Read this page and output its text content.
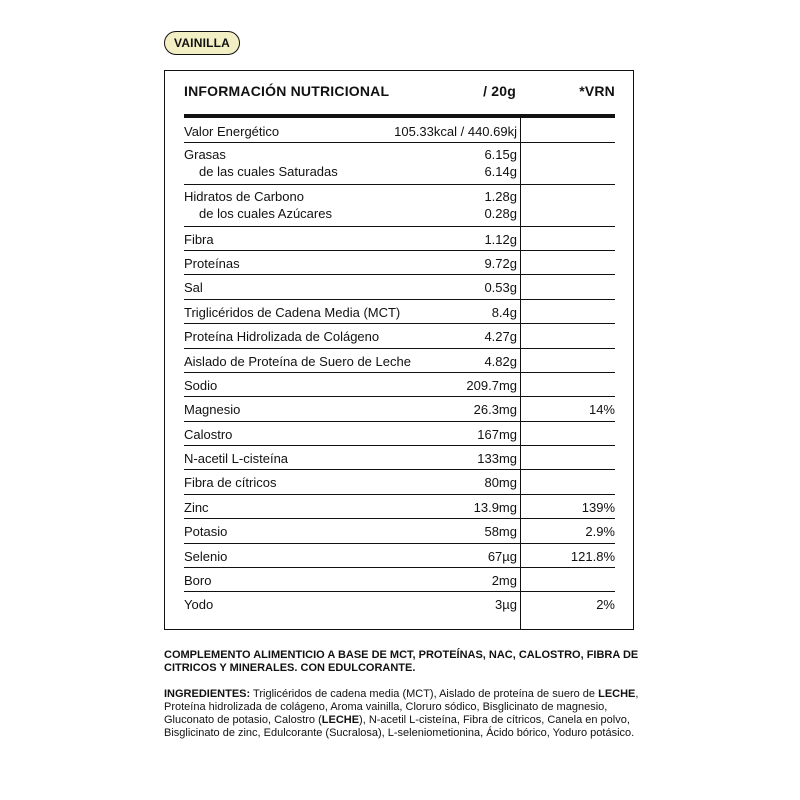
VAINILLA
INFORMACIÓN NUTRICIONAL	/ 20g	*VRN
Valor Energético	105.33kcal / 440.69kj
Grasas	6.15g
de las cuales Saturadas	6.14g
Hidratos de Carbono	1.28g
de los cuales Azúcares	0.28g
Fibra	1.12g
Proteínas	9.72g
Sal	0.53g
Triglicéridos de Cadena Media (MCT)	8.4g
Proteína Hidrolizada de Colágeno	4.27g
Aislado de Proteína de Suero de Leche	4.82g
Sodio	209.7mg
Magnesio	26.3mg	14%
Calostro	167mg
N-acetil L-cisteína	133mg
Fibra de cítricos	80mg
Zinc	13.9mg	139%
Potasio	58mg	2.9%
Selenio	67µg	121.8%
Boro	2mg
Yodo	3µg	2%
COMPLEMENTO ALIMENTICIO A BASE DE MCT, PROTEÍNAS, NAC, CALOSTRO, FIBRA DE CITRICOS Y MINERALES. CON EDULCORANTE.
INGREDIENTES: Triglicéridos de cadena media (MCT), Aislado de proteína de suero de LECHE, Proteína hidrolizada de colágeno, Aroma vainilla, Cloruro sódico, Bisglicinato de magnesio, Gluconato de potasio, Calostro (LECHE), N-acetil L-cisteína, Fibra de cítricos, Canela en polvo, Bisglicinato de zinc, Edulcorante (Sucralosa), L-seleniometionina, Ácido bórico, Yoduro potásico.
